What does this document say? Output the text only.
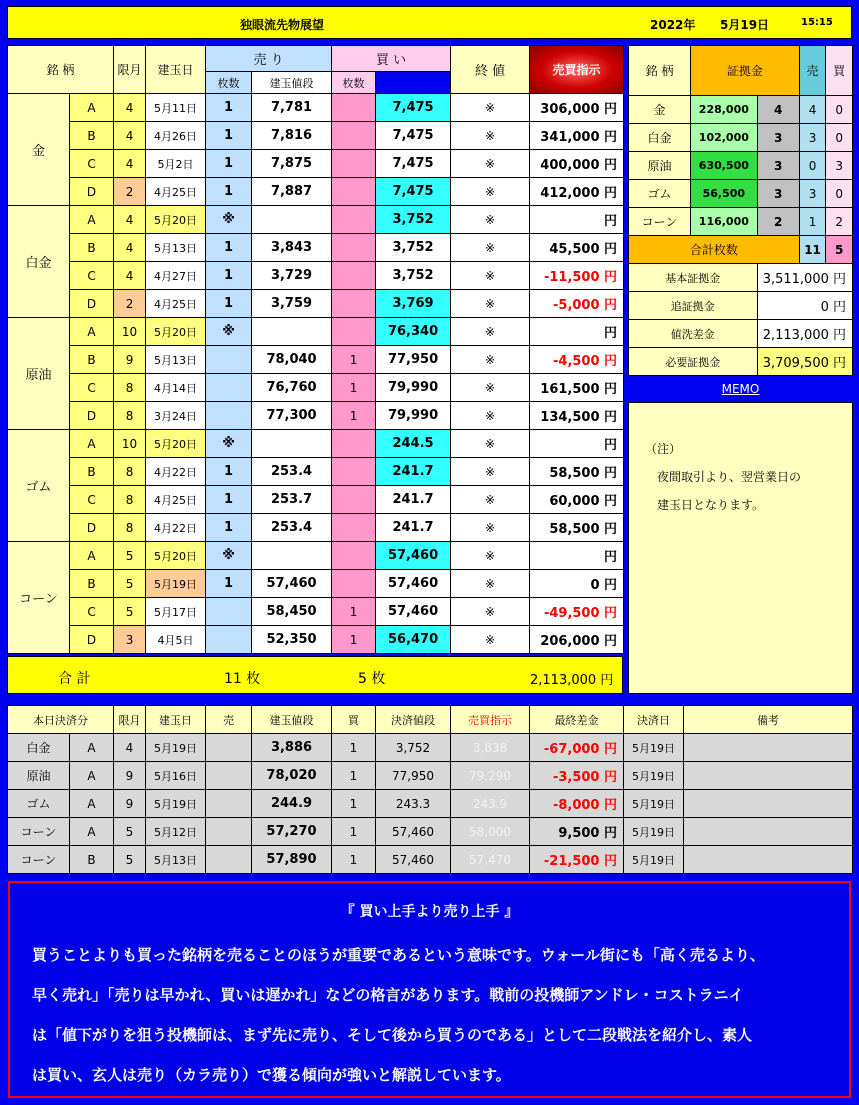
独眼流先物展望	2022年 5月19日	15:15
銘 柄		限月	建玉日	売 り		買 い		終 値	売買指示	
				枚数	建玉値段	枚数				
金	A	4	5月11日	1	7,781		7,475	※	306,000 円	
	B	4	4月26日	1	7,816		7,475	※	341,000 円	
	C	4	5月2日	1	7,875		7,475	※	400,000 円	
	D	2	4月25日	1	7,887		7,475	※	412,000 円	
白金	A	4	5月20日	※			3,752	※	円	
	B	4	5月13日	1	3,843		3,752	※	45,500 円	
	C	4	4月27日	1	3,729		3,752	※	-11,500 円	
	D	2	4月25日	1	3,759		3,769	※	-5,000 円	
原油	A	10	5月20日	※			76,340	※	円	
	B	9	5月13日		78,040	1	77,950	※	-4,500 円	
	C	8	4月14日		76,760	1	79,990	※	161,500 円	
	D	8	3月24日		77,300	1	79,990	※	134,500 円	
ゴム	A	10	5月20日	※			244.5	※	円	
	B	8	4月22日	1	253.4		241.7	※	58,500 円	
	C	8	4月25日	1	253.7		241.7	※	60,000 円	
	D	8	4月22日	1	253.4		241.7	※	58,500 円	
コーン	A	5	5月20日	※			57,460	※	円	
	B	5	5月19日	1	57,460		57,460	※	0 円	
	C	5	5月17日		58,450	1	57,460	※	-49,500 円	
	D	3	4月5日		52,350	1	56,470	※	206,000 円	
合 計	11 枚	5 枚	2,113,000 円
銘 柄	証拠金		売	買
金	228,000	4	4	0
白金	102,000	3	3	0
原油	630,500	3	0	3
ゴム	56,500	3	3	0
コーン	116,000	2	1	2
合計枚数			11	5
基本証拠金		3,511,000 円		
追証拠金		0 円		
値洗差金		2,113,000 円		
必要証拠金		3,709,500 円		
MEMO
（注）
　夜間取引より、翌営業日の
　建玉日となります。
本日決済分		限月	建玉日	売	建玉値段	買	決済値段	売買指示	最終差金	決済日	備考
白金	A	4	5月19日		3,886	1	3,752	3,838	-67,000 円	5月19日	
原油	A	9	5月16日		78,020	1	77,950	79,290	-3,500 円	5月19日	
ゴム	A	9	5月19日		244.9	1	243.3	243.9	-8,000 円	5月19日	
コーン	A	5	5月12日		57,270	1	57,460	58,000	9,500 円	5月19日	
コーン	B	5	5月13日		57,890	1	57,460	57,470	-21,500 円	5月19日	
『 買い上手より売り上手 』
買うことよりも買った銘柄を売ることのほうが重要であるという意味です。ウォール街にも「高く売るより、
早く売れ」「売りは早かれ、買いは遅かれ」などの格言があります。戦前の投機師アンドレ・コストラニイ
は「値下がりを狙う投機師は、まず先に売り、そして後から買うのである」として二段戦法を紹介し、素人
は買い、玄人は売り（カラ売り）で獲る傾向が強いと解説しています。
